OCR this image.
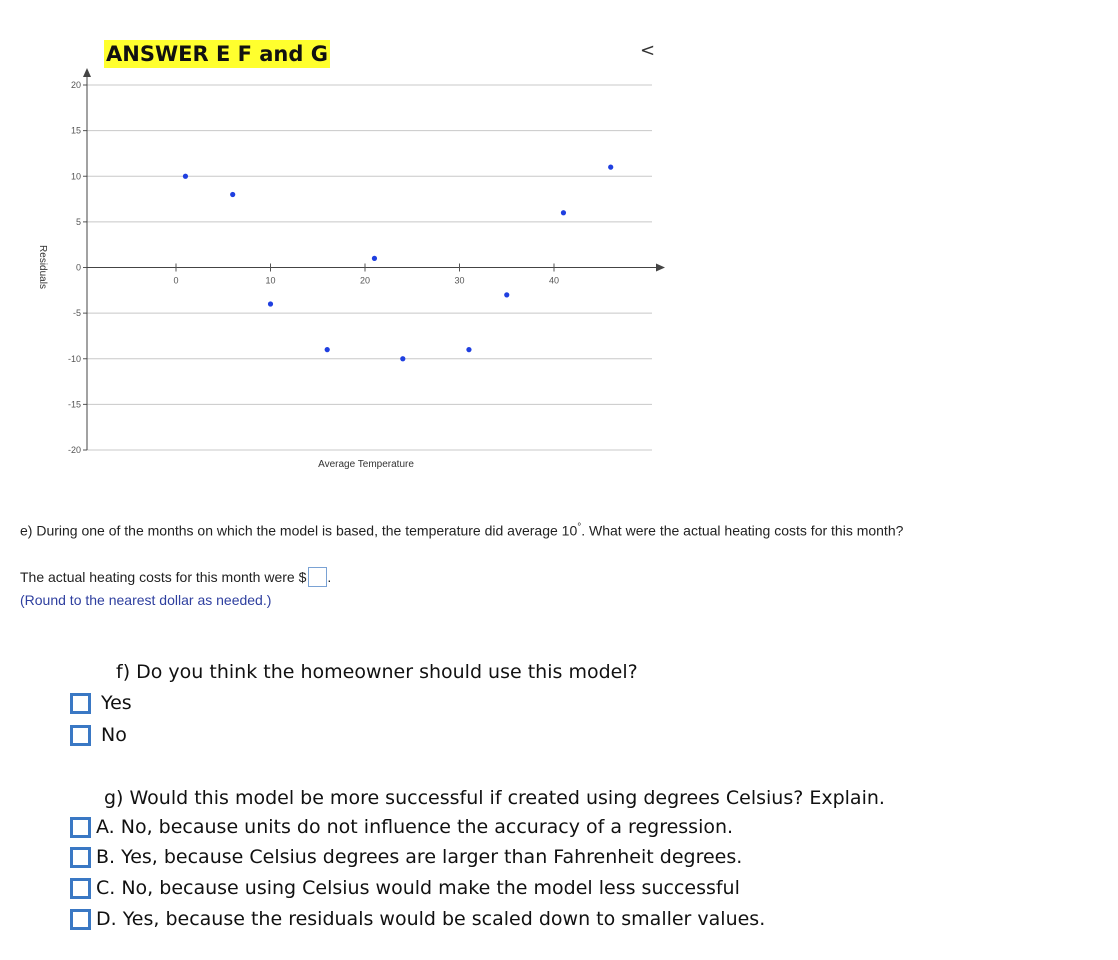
ANSWER E F and G	<
20
15
10
5
0
-5
-10
-15
-20
0	10	20	30	40
Average Temperature
Residuals
e) During one of the months on which the model is based, the temperature did average 10°. What were the actual heating costs for this month?
The actual heating costs for this month were $ .
(Round to the nearest dollar as needed.)
f) Do you think the homeowner should use this model?
Yes
No
g) Would this model be more successful if created using degrees Celsius? Explain.
A. No, because units do not influence the accuracy of a regression.
B. Yes, because Celsius degrees are larger than Fahrenheit degrees.
C. No, because using Celsius would make the model less successful
D. Yes, because the residuals would be scaled down to smaller values.
